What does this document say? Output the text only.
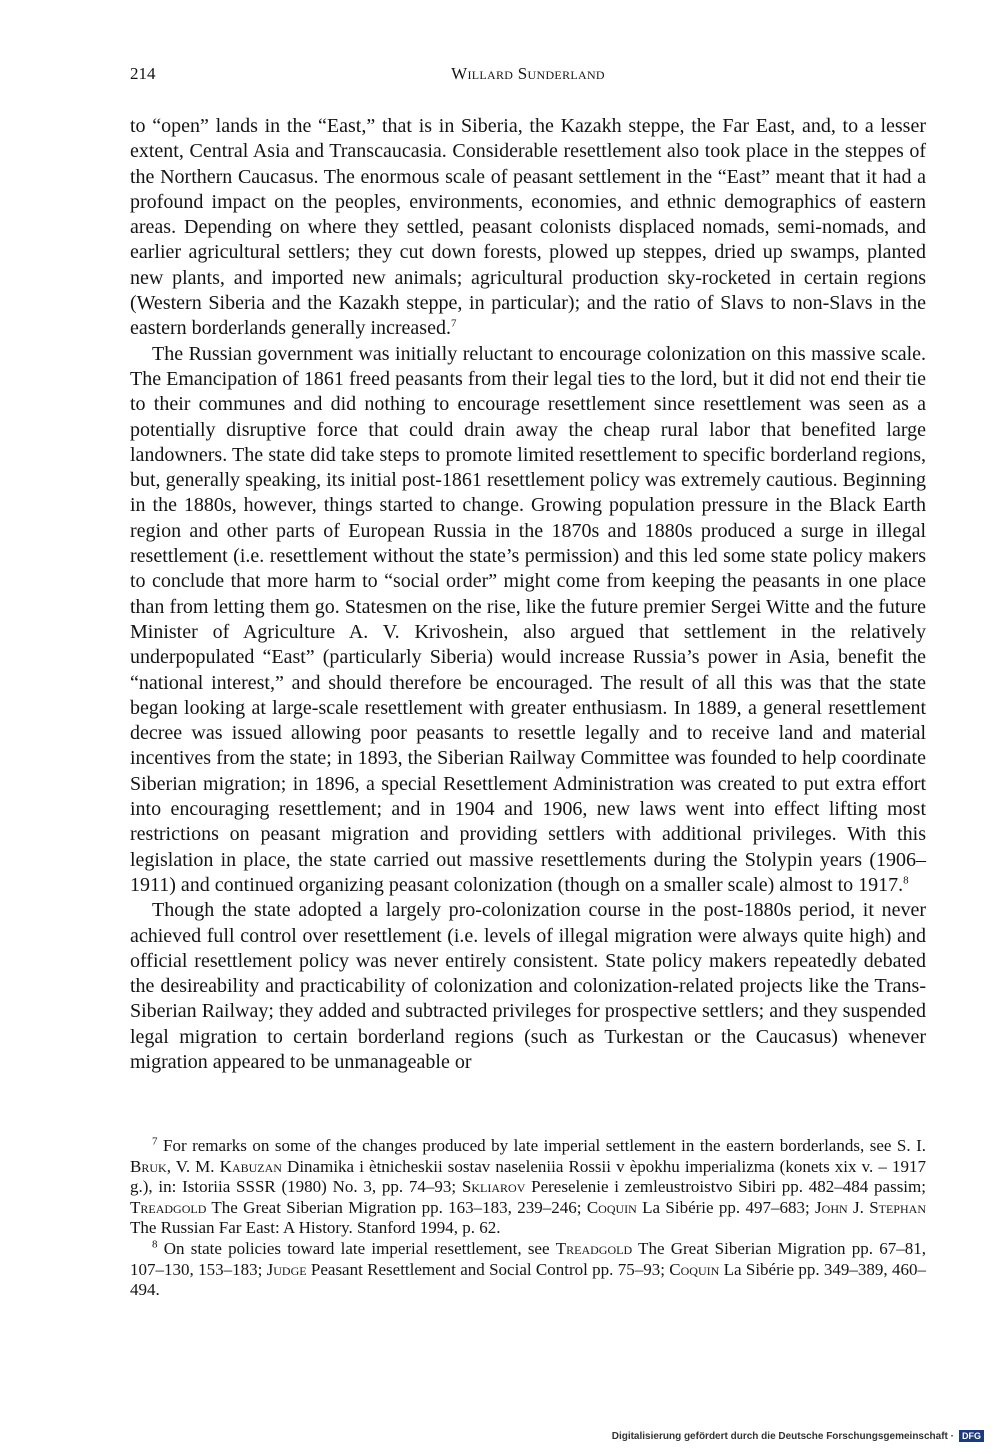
214	Willard Sunderland

to “open” lands in the “East,” that is in Siberia, the Kazakh steppe, the Far East, and, to a lesser extent, Central Asia and Transcaucasia. Considerable resettlement also took place in the steppes of the Northern Caucasus. The enormous scale of peasant settlement in the “East” meant that it had a profound impact on the peoples, environments, economies, and ethnic demographics of eastern areas. Depending on where they settled, peasant colonists displaced nomads, semi-nomads, and earlier agricultural settlers; they cut down forests, plowed up steppes, dried up swamps, planted new plants, and imported new animals; agricultural production sky-rocketed in certain regions (Western Siberia and the Kazakh steppe, in particular); and the ratio of Slavs to non-Slavs in the eastern borderlands generally increased.$^7$

The Russian government was initially reluctant to encourage colonization on this massive scale. The Emancipation of 1861 freed peasants from their legal ties to the lord, but it did not end their tie to their communes and did nothing to encourage resettlement since resettlement was seen as a potentially disruptive force that could drain away the cheap rural labor that benefited large landowners. The state did take steps to promote limited resettlement to specific borderland regions, but, generally speaking, its initial post-1861 resettlement policy was extremely cautious. Beginning in the 1880s, however, things started to change. Growing population pressure in the Black Earth region and other parts of European Russia in the 1870s and 1880s produced a surge in illegal resettlement (i.e. resettlement without the state’s permission) and this led some state policy makers to conclude that more harm to “social order” might come from keeping the peasants in one place than from letting them go. Statesmen on the rise, like the future premier Sergei Witte and the future Minister of Agriculture A. V. Krivoshein, also argued that settlement in the relatively underpopulated “East” (particularly Siberia) would increase Russia’s power in Asia, benefit the “national interest,” and should therefore be encouraged. The result of all this was that the state began looking at large-scale resettlement with greater enthusiasm. In 1889, a general resettlement decree was issued allowing poor peasants to resettle legally and to receive land and material incentives from the state; in 1893, the Siberian Railway Committee was founded to help coordinate Siberian migration; in 1896, a special Resettlement Administration was created to put extra effort into encouraging resettlement; and in 1904 and 1906, new laws went into effect lifting most restrictions on peasant migration and providing settlers with additional privileges. With this legislation in place, the state carried out massive resettlements during the Stolypin years (1906–1911) and continued organizing peasant colonization (though on a smaller scale) almost to 1917.$^8$

Though the state adopted a largely pro-colonization course in the post-1880s period, it never achieved full control over resettlement (i.e. levels of illegal migration were always quite high) and official resettlement policy was never entirely consistent. State policy makers repeatedly debated the desireability and practicability of colonization and colonization-related projects like the Trans-Siberian Railway; they added and subtracted privileges for prospective settlers; and they suspended legal migration to certain borderland regions (such as Turkestan or the Caucasus) whenever migration appeared to be unmanageable or

$^7$ For remarks on some of the changes produced by late imperial settlement in the eastern borderlands, see S. I. Bruk, V. M. Kabuzan Dinamika i ètnicheskii sostav naseleniia Rossii v èpokhu imperializma (konets xix v. – 1917 g.), in: Istoriia SSSR (1980) No. 3, pp. 74–93; Skliarov Pereselenie i zemleustroistvo Sibiri pp. 482–484 passim; Treadgold The Great Siberian Migration pp. 163–183, 239–246; Coquin La Sibérie pp. 497–683; John J. Stephan The Russian Far East: A History. Stanford 1994, p. 62.

$^8$ On state policies toward late imperial resettlement, see Treadgold The Great Siberian Migration pp. 67–81, 107–130, 153–183; Judge Peasant Resettlement and Social Control pp. 75–93; Coquin La Sibérie pp. 349–389, 460–494.

Digitalisierung gefördert durch die Deutsche Forschungsgemeinschaft · DFG
